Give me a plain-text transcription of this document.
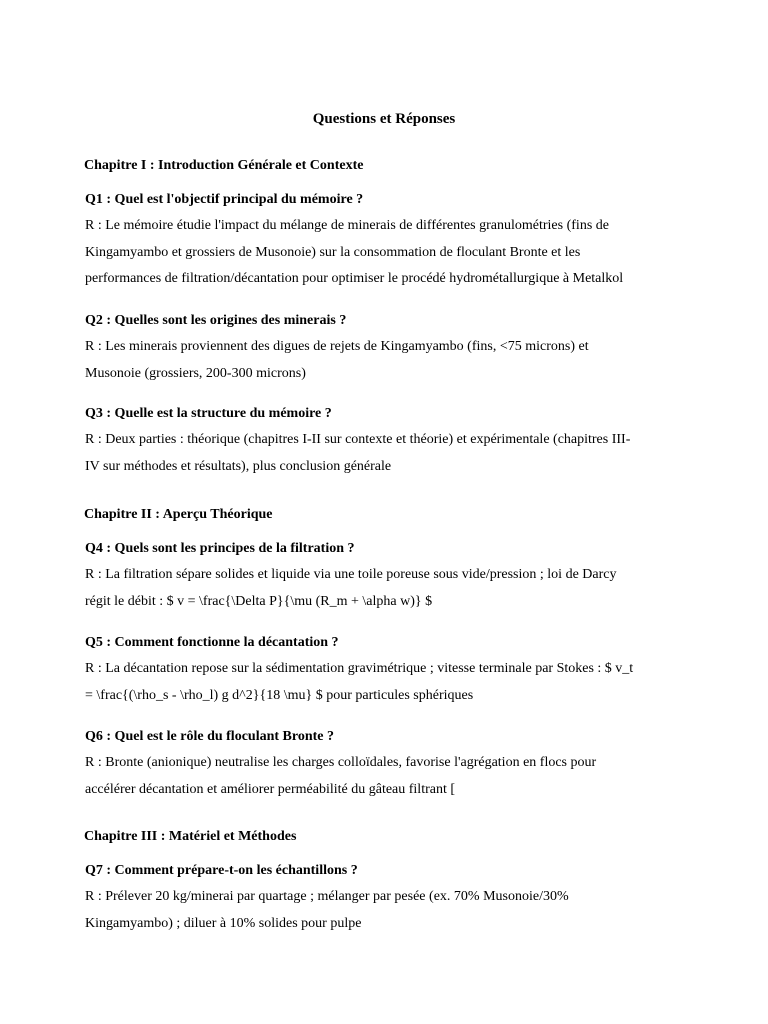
Questions et Réponses
Chapitre I : Introduction Générale et Contexte

Q1 : Quel est l'objectif principal du mémoire ?

R : Le mémoire étudie l'impact du mélange de minerais de différentes granulométries (fins de
Kingamyambo et grossiers de Musonoie) sur la consommation de floculant Bronte et les
performances de filtration/décantation pour optimiser le procédé hydrométallurgique à Metalkol

Q2 : Quelles sont les origines des minerais ?

R : Les minerais proviennent des digues de rejets de Kingamyambo (fins, <75 microns) et
Musonoie (grossiers, 200-300 microns)

Q3 : Quelle est la structure du mémoire ?

R : Deux parties : théorique (chapitres I-II sur contexte et théorie) et expérimentale (chapitres III-
IV sur méthodes et résultats), plus conclusion générale

Chapitre II : Aperçu Théorique

Q4 : Quels sont les principes de la filtration ?

R : La filtration sépare solides et liquide via une toile poreuse sous vide/pression ; loi de Darcy
régit le débit : $ v = \frac{\Delta P}{\mu (R_m + \alpha w)} $

Q5 : Comment fonctionne la décantation ?

R : La décantation repose sur la sédimentation gravimétrique ; vitesse terminale par Stokes : $ v_t
= \frac{(\rho_s - \rho_l) g d^2}{18 \mu} $ pour particules sphériques

Q6 : Quel est le rôle du floculant Bronte ?

R : Bronte (anionique) neutralise les charges colloïdales, favorise l'agrégation en flocs pour
accélérer décantation et améliorer perméabilité du gâteau filtrant [

Chapitre III : Matériel et Méthodes

Q7 : Comment prépare-t-on les échantillons ?

R : Prélever 20 kg/minerai par quartage ; mélanger par pesée (ex. 70% Musonoie/30%
Kingamyambo) ; diluer à 10% solides pour pulpe
